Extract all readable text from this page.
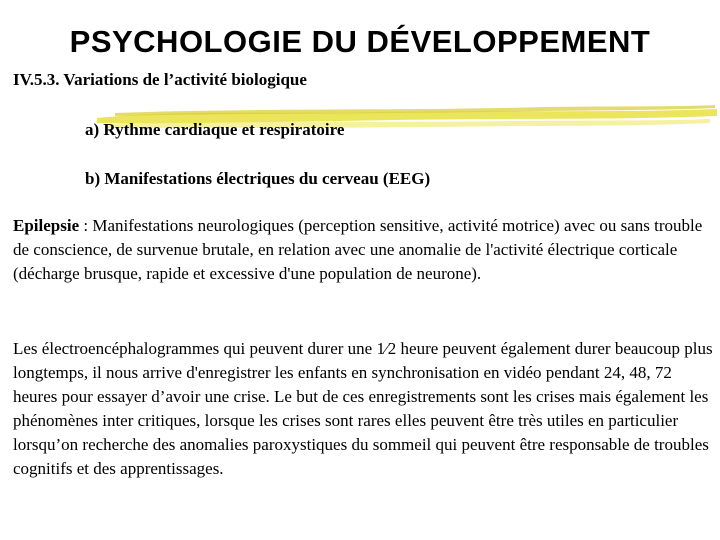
PSYCHOLOGIE DU DÉVELOPPEMENT
IV.5.3. Variations de l’activité biologique

a) Rythme cardiaque et respiratoire

b) Manifestations électriques du cerveau (EEG)

Epilepsie : Manifestations neurologiques (perception sensitive, activité motrice) avec ou sans trouble de conscience, de survenue brutale, en relation avec une anomalie de l'activité électrique corticale (décharge brusque, rapide et excessive d'une population de neurone).

Les électroencéphalogrammes qui peuvent durer une 1⁄2 heure peuvent également durer beaucoup plus longtemps, il nous arrive d'enregistrer les enfants en synchronisation en vidéo pendant 24, 48, 72 heures pour essayer d’avoir une crise. Le but de ces enregistrements sont les crises mais également les phénomènes inter critiques, lorsque les crises sont rares elles peuvent être très utiles en particulier lorsqu’on recherche des anomalies paroxystiques du sommeil qui peuvent être responsable de troubles cognitifs et des apprentissages.
